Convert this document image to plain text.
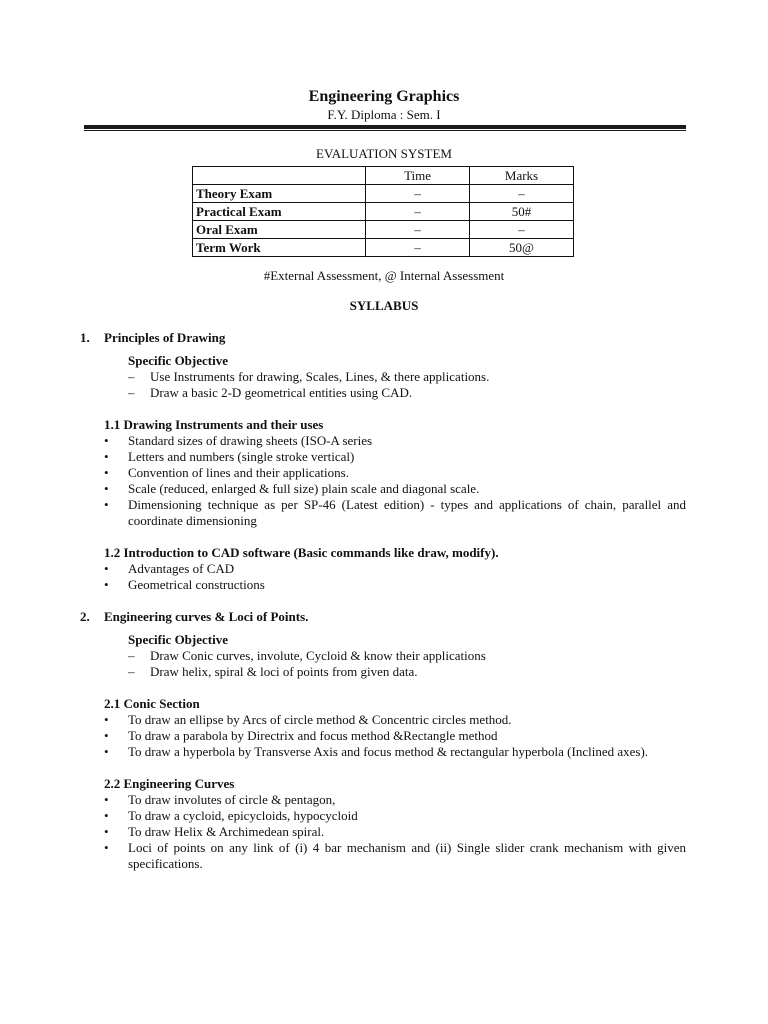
Engineering Graphics
F.Y. Diploma : Sem. I
EVALUATION SYSTEM
	Time	Marks
Theory Exam	–	–
Practical Exam	–	50#
Oral Exam	–	–
Term Work	–	50@
#External Assessment, @ Internal Assessment
SYLLABUS
1.	Principles of Drawing
Specific Objective
–	Use Instruments for drawing, Scales, Lines, & there applications.
–	Draw a basic 2-D geometrical entities using CAD.
1.1 Drawing Instruments and their uses
•	Standard sizes of drawing sheets (ISO-A series
•	Letters and numbers (single stroke vertical)
•	Convention of lines and their applications.
•	Scale (reduced, enlarged & full size) plain scale and diagonal scale.
•	Dimensioning technique as per SP-46 (Latest edition) - types and applications of chain, parallel and coordinate dimensioning
1.2 Introduction to CAD software (Basic commands like draw, modify).
•	Advantages of CAD
•	Geometrical constructions
2.	Engineering curves & Loci of Points.
Specific Objective
–	Draw Conic curves, involute, Cycloid & know their applications
–	Draw helix, spiral & loci of points from given data.
2.1 Conic Section
•	To draw an ellipse by Arcs of circle method & Concentric circles method.
•	To draw a parabola by Directrix and focus method &Rectangle method
•	To draw a hyperbola by Transverse Axis and focus method & rectangular hyperbola (Inclined axes).
2.2 Engineering Curves
•	To draw involutes of circle & pentagon,
•	To draw a cycloid, epicycloids, hypocycloid
•	To draw Helix & Archimedean spiral.
•	Loci of points on any link of (i) 4 bar mechanism and (ii) Single slider crank mechanism with given specifications.
